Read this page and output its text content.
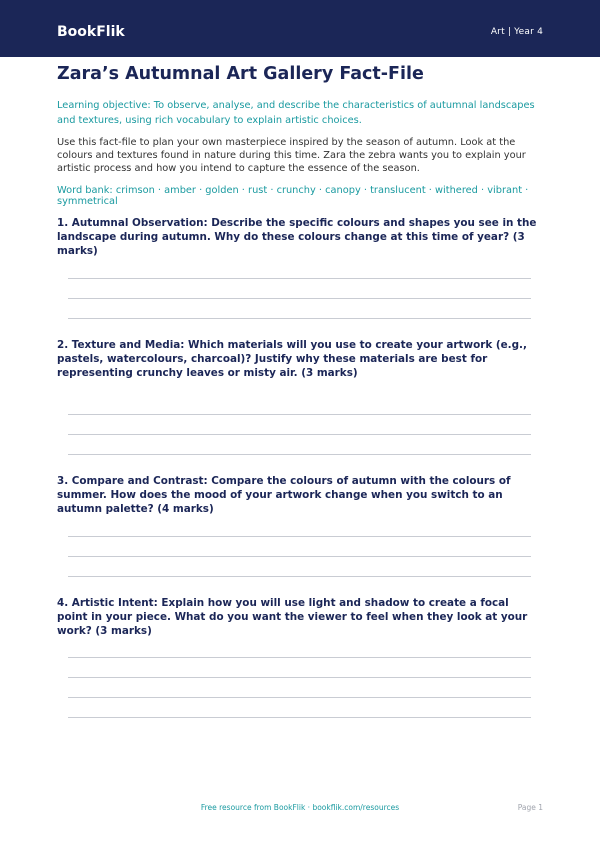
BookFlik	Art | Year 4
Zara’s Autumnal Art Gallery Fact-File

Learning objective: To observe, analyse, and describe the characteristics of autumnal landscapes and textures, using rich vocabulary to explain artistic choices.

Use this fact-file to plan your own masterpiece inspired by the season of autumn. Look at the colours and textures found in nature during this time. Zara the zebra wants you to explain your artistic process and how you intend to capture the essence of the season.

Word bank: crimson · amber · golden · rust · crunchy · canopy · translucent · withered · vibrant · symmetrical

1. Autumnal Observation: Describe the specific colours and shapes you see in the landscape during autumn. Why do these colours change at this time of year? (3 marks)

2. Texture and Media: Which materials will you use to create your artwork (e.g., pastels, watercolours, charcoal)? Justify why these materials are best for representing crunchy leaves or misty air. (3 marks)

3. Compare and Contrast: Compare the colours of autumn with the colours of summer. How does the mood of your artwork change when you switch to an autumn palette? (4 marks)

4. Artistic Intent: Explain how you will use light and shadow to create a focal point in your piece. What do you want the viewer to feel when they look at your work? (3 marks)

Free resource from BookFlik · bookflik.com/resources	Page 1
